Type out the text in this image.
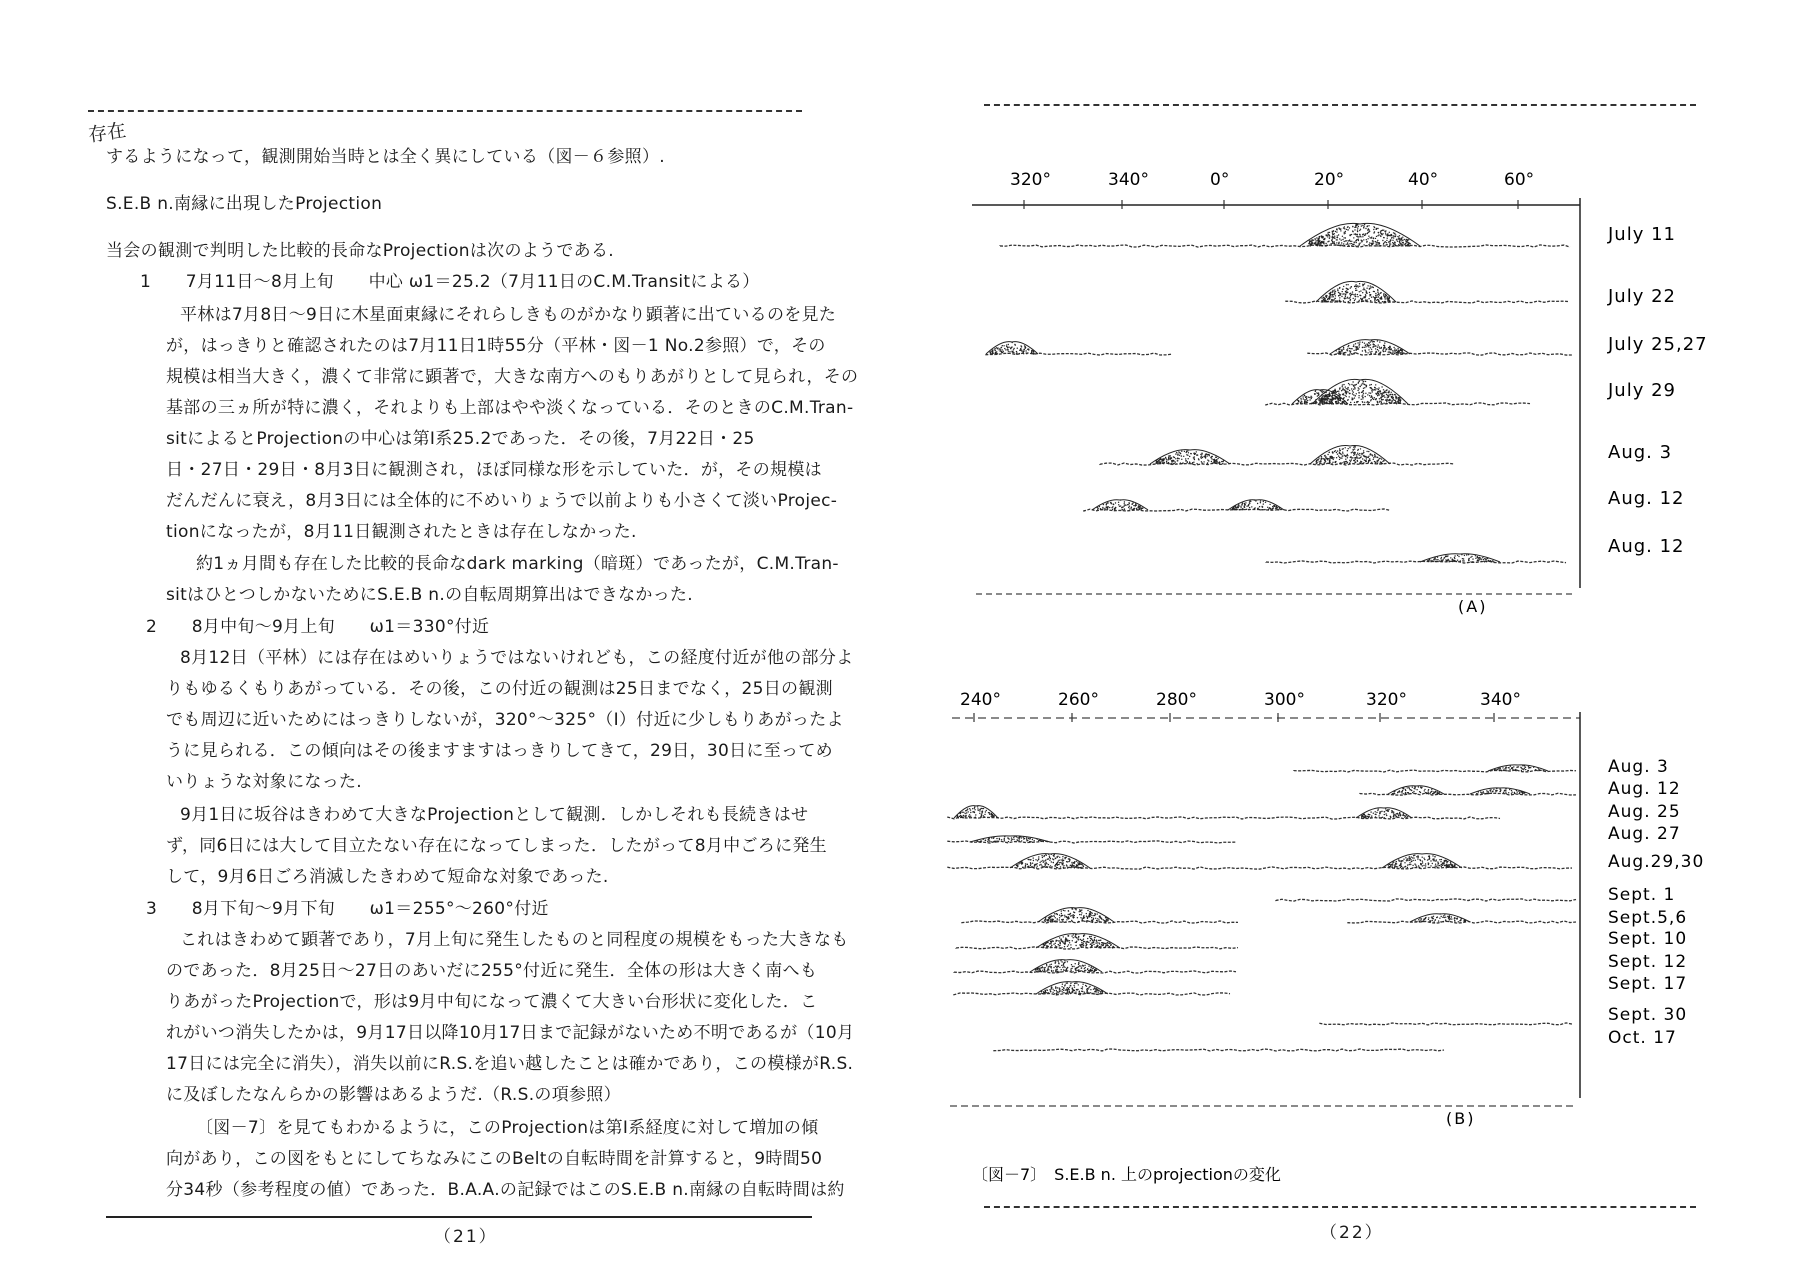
存在
するようになって，観測開始当時とは全く異にしている（図－６参照）.
S.E.B n.南縁に出現したProjection
当会の観測で判明した比較的長命なProjectionは次のようである.
1　　7月11日～8月上旬　　中心 ω1＝25.2（7月11日のC.M.Transitによる）
平林は7月8日～9日に木星面東縁にそれらしきものがかなり顕著に出ているのを見た
が，はっきりと確認されたのは7月11日1時55分（平林・図－1 No.2参照）で，その
規模は相当大きく，濃くて非常に顕著で，大きな南方へのもりあがりとして見られ，その
基部の三ヵ所が特に濃く，それよりも上部はやや淡くなっている．そのときのC.M.Tran-
sitによるとProjectionの中心は第Ⅰ系25.2であった．その後，7月22日・25
日・27日・29日・8月3日に観測され，ほぼ同様な形を示していた．が，その規模は
だんだんに衰え，8月3日には全体的に不めいりょうで以前よりも小さくて淡いProjec-
tionになったが，8月11日観測されたときは存在しなかった.
約1ヵ月間も存在した比較的長命なdark marking（暗斑）であったが，C.M.Tran-
sitはひとつしかないためにS.E.B n.の自転周期算出はできなかった.
2　　8月中旬～9月上旬　　ω1＝330°付近
8月12日（平林）には存在はめいりょうではないけれども，この経度付近が他の部分よ
りもゆるくもりあがっている．その後，この付近の観測は25日までなく，25日の観測
でも周辺に近いためにはっきりしないが，320°～325°（Ⅰ）付近に少しもりあがったよ
うに見られる．この傾向はその後ますますはっきりしてきて，29日，30日に至ってめ
いりょうな対象になった.
9月1日に坂谷はきわめて大きなProjectionとして観測．しかしそれも長続きはせ
ず，同6日には大して目立たない存在になってしまった．したがって8月中ごろに発生
して，9月6日ごろ消滅したきわめて短命な対象であった.
3　　8月下旬～9月下旬　　ω1＝255°～260°付近
これはきわめて顕著であり，7月上旬に発生したものと同程度の規模をもった大きなも
のであった．8月25日～27日のあいだに255°付近に発生．全体の形は大きく南へも
りあがったProjectionで，形は9月中旬になって濃くて大きい台形状に変化した．こ
れがいつ消失したかは，9月17日以降10月17日まで記録がないため不明であるが（10月
17日には完全に消失），消失以前にR.S.を追い越したことは確かであり，この模様がR.S.
に及ぼしたなんらかの影響はあるようだ.（R.S.の項参照）
〔図－7〕を見てもわかるように，このProjectionは第Ⅰ系経度に対して増加の傾
向があり，この図をもとにしてちなみにこのBeltの自転時間を計算すると，9時間50
分34秒（参考程度の値）であった．B.A.A.の記録ではこのS.E.B n.南縁の自転時間は約
（21）
320°	340°	0°	20°	40°	60°
July 11
July 22
July 25,27
July 29
Aug. 3
Aug. 12
Aug. 12
(A)
240°	260°	280°	300°	320°	340°
Aug. 3
Aug. 12
Aug. 25
Aug. 27
Aug.29,30
Sept. 1
Sept.5,6
Sept. 10
Sept. 12
Sept. 17
Sept. 30
Oct. 17
(B)
〔図－7〕　S.E.B n. 上のprojectionの変化
（22）
